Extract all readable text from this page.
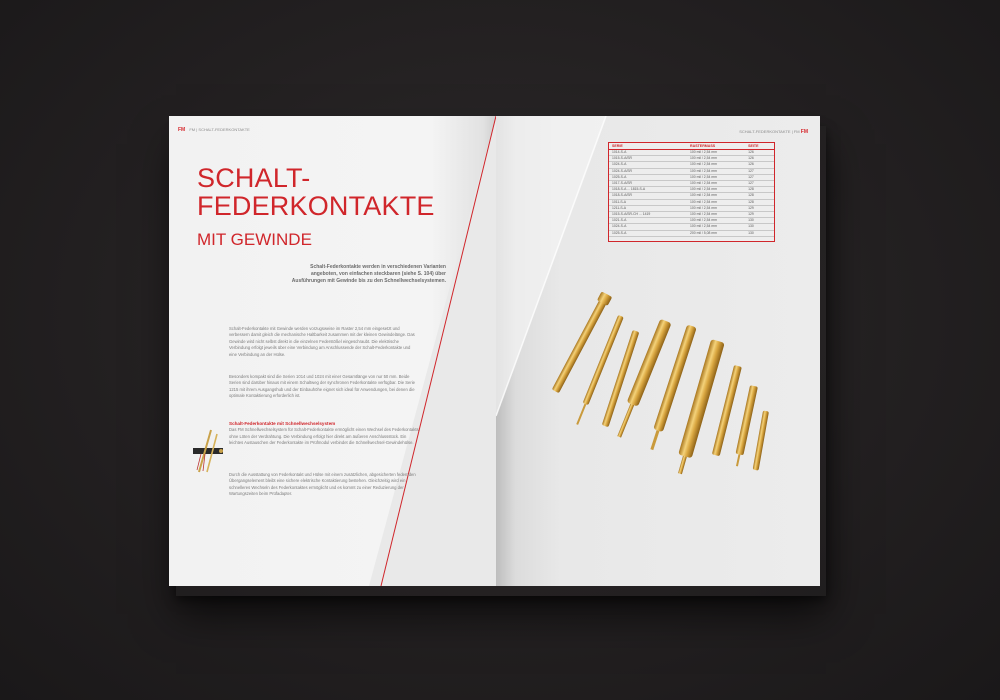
FM FM | SCHALT-FEDERKONTAKTE
SCHALT-
FEDERKONTAKTE
MIT GEWINDE
Schalt-Federkontakte werden in verschiedenen Varianten angeboten, von einfachen steckbaren (siehe S. 104) über Ausführungen mit Gewinde bis zu den Schnellwechselsystemen.
Schalt-Federkontakte mit Gewinde werden vorzugsweise im Raster 2,54 mm eingesetzt und verbessern damit gleich die mechanische Haltbarkeit zusammen mit der kleinen Gewindelänge. Das Gewinde wird nicht selbst direkt in die einzelnen Federstößel eingeschraubt. Die elektrische Verbindung erfolgt jeweils über eine Verbindung am Anschlussende der Schalt-Federkontakte und eine Verbindung an der Hülse.
Besonders kompakt sind die Serien 1014 und 1024 mit einer Gesamtlänge von nur 50 mm. Beide Serien sind darüber hinaus mit einem Schaltweg der synchronen Federkontakte verfügbar. Die Serie 1215 mit ihrem Ausgangshub und der Einbauhöhe eignet sich ideal für Anwendungen, bei denen die optimale Kontaktierung erforderlich ist.
Schalt-Federkontakte mit Schnellwechselsystem
Das FM Schnellwechselsystem für Schalt-Federkontakte ermöglicht einen Wechsel des Federkontakts ohne Löten der Verdrahtung. Die Verbindung erfolgt hier direkt am äußeren Anschlussstück. Ein leichtes Austauschen der Federkontakte im Prüfmodul verbindet die Schnellwechsel-Gewindehülse.
Durch die Ausstattung von Federkontakt und Hülse mit einem zusätzlichen, abgesicherten federnden Übergangselement bleibt eine sichere elektrische Kontaktierung bestehen. Gleichzeitig wird ein schnelleres Wechseln des Federkontaktes ermöglicht und es kommt zu einer Reduzierung der Wartungszeiten beim Prüfadapter.
SCHALT-FEDERKONTAKTE | FM FM
SERIE	RASTERMASS	SEITE
1014-S-A	100 mil / 2,54 mm	126
1015-S-A/SR	100 mil / 2,54 mm	126
1024-S-A	100 mil / 2,54 mm	126
1024-S-A/SR	100 mil / 2,54 mm	127
1025-S-A	100 mil / 2,54 mm	127
1017-S-A/SR	100 mil / 2,54 mm	127
1018-S-A ... 1815-S-A	100 mil / 2,54 mm	128
1018-S-A/SR	100 mil / 2,54 mm	128
1011-S-A	100 mil / 2,54 mm	128
1211-S-A	100 mil / 2,54 mm	129
1015-S-A/SR-CH ... 1419	100 mil / 2,54 mm	129
1021-S-A	100 mil / 2,54 mm	130
1024-S-A	100 mil / 2,54 mm	130
1025-S-A	200 mil / 5,08 mm	130
